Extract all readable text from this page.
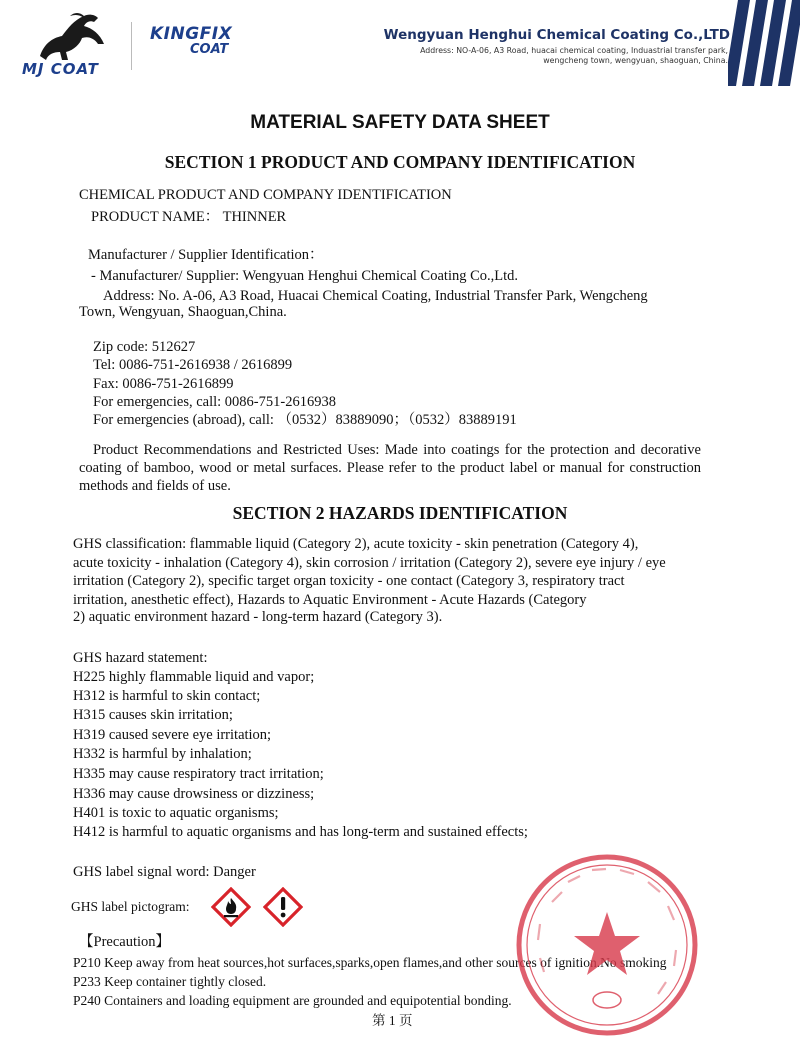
MJ COAT
KINGFIX
COAT
Wengyuan Henghui Chemical Coating Co.,LTD
Address: NO-A-06, A3 Road, huacai chemical coating, Induastrial transfer park,
wengcheng town, wengyuan, shaoguan, China.
MATERIAL SAFETY DATA SHEET
SECTION 1 PRODUCT AND COMPANY IDENTIFICATION
CHEMICAL PRODUCT AND COMPANY IDENTIFICATION
PRODUCT NAME： THINNER
Manufacturer / Supplier Identification：
- Manufacturer/ Supplier: Wengyuan Henghui Chemical Coating Co.,Ltd.
Address: No. A-06, A3 Road, Huacai Chemical Coating, Industrial Transfer Park, Wengcheng
Town, Wengyuan, Shaoguan,China.
Zip code: 512627
Tel: 0086-751-2616938 / 2616899
Fax: 0086-751-2616899
For emergencies, call: 0086-751-2616938
For emergencies (abroad), call: （0532）83889090；（0532）83889191
Product Recommendations and Restricted Uses: Made into coatings for the protection and decorative coating of bamboo, wood or metal surfaces. Please refer to the product label or manual for construction methods and fields of use.
SECTION 2 HAZARDS IDENTIFICATION
GHS classification: flammable liquid (Category 2), acute toxicity - skin penetration (Category 4),
acute toxicity - inhalation (Category 4), skin corrosion / irritation (Category 2), severe eye injury / eye
irritation (Category 2), specific target organ toxicity - one contact (Category 3, respiratory tract
irritation, anesthetic effect), Hazards to Aquatic Environment - Acute Hazards (Category
2) aquatic environment hazard - long-term hazard (Category 3).
GHS hazard statement:
H225 highly flammable liquid and vapor;
H312 is harmful to skin contact;
H315 causes skin irritation;
H319 caused severe eye irritation;
H332 is harmful by inhalation;
H335 may cause respiratory tract irritation;
H336 may cause drowsiness or dizziness;
H401 is toxic to aquatic organisms;
H412 is harmful to aquatic organisms and has long-term and sustained effects;
GHS label signal word: Danger
GHS label pictogram:
【Precaution】
P210 Keep away from heat sources,hot surfaces,sparks,open flames,and other sources of ignition.No smoking
P233 Keep container tightly closed.
P240 Containers and loading equipment are grounded and equipotential bonding.
第 1 页
